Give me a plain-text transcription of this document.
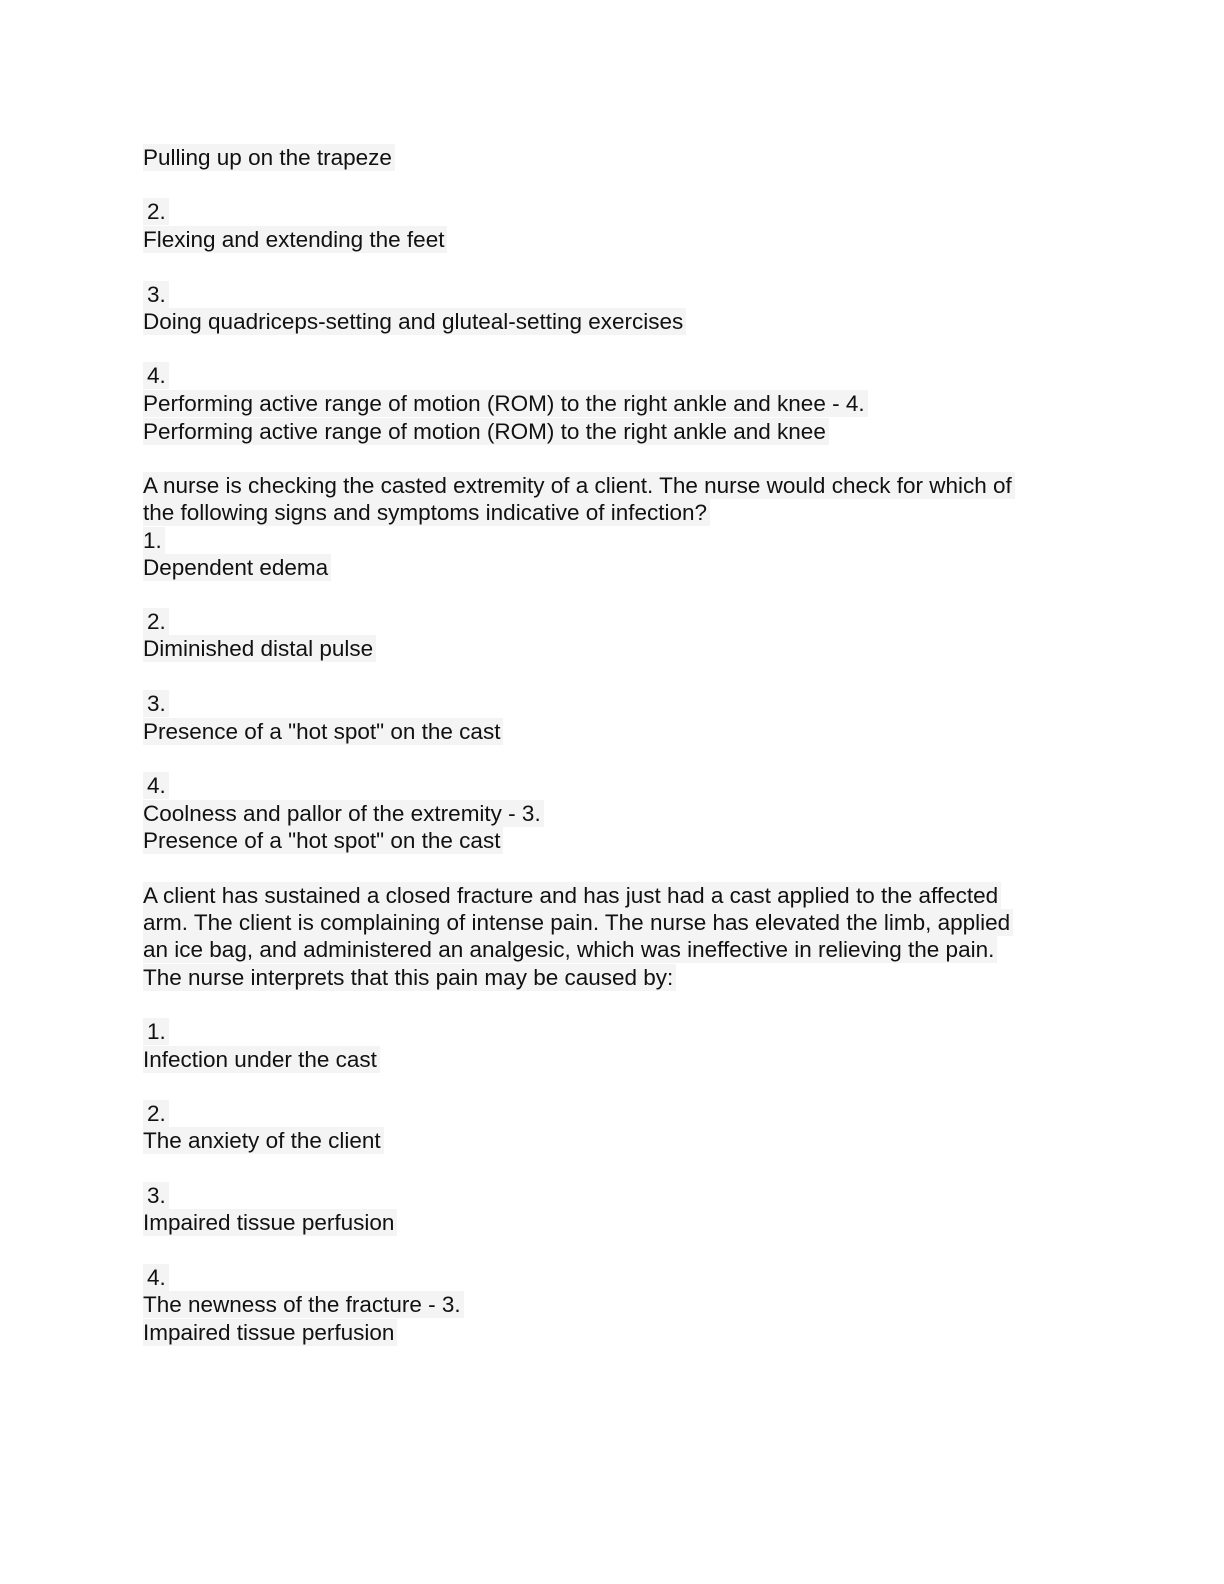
Pulling up on the trapeze
2.
Flexing and extending the feet
3.
Doing quadriceps-setting and gluteal-setting exercises
4.
Performing active range of motion (ROM) to the right ankle and knee - 4.
Performing active range of motion (ROM) to the right ankle and knee
A nurse is checking the casted extremity of a client. The nurse would check for which of
the following signs and symptoms indicative of infection?
1.
Dependent edema
2.
Diminished distal pulse
3.
Presence of a "hot spot" on the cast
4.
Coolness and pallor of the extremity - 3.
Presence of a "hot spot" on the cast
A client has sustained a closed fracture and has just had a cast applied to the affected
arm. The client is complaining of intense pain. The nurse has elevated the limb, applied
an ice bag, and administered an analgesic, which was ineffective in relieving the pain.
The nurse interprets that this pain may be caused by:
1.
Infection under the cast
2.
The anxiety of the client
3.
Impaired tissue perfusion
4.
The newness of the fracture - 3.
Impaired tissue perfusion
